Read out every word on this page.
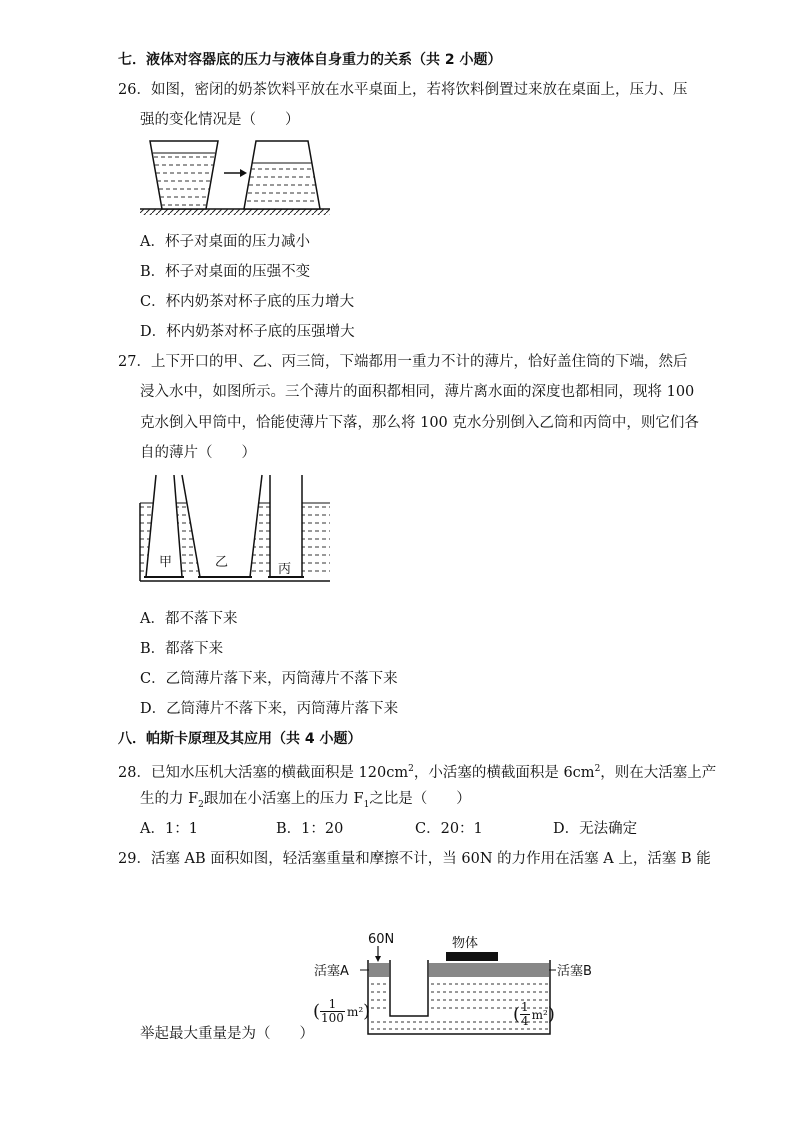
七．液体对容器底的压力与液体自身重力的关系（共 2 小题）
26．如图，密闭的奶茶饮料平放在水平桌面上，若将饮料倒置过来放在桌面上，压力、压
强的变化情况是（　　）
A．杯子对桌面的压力减小
B．杯子对桌面的压强不变
C．杯内奶茶对杯子底的压力增大
D．杯内奶茶对杯子底的压强增大
27．上下开口的甲、乙、丙三筒，下端都用一重力不计的薄片，恰好盖住筒的下端，然后
浸入水中，如图所示。三个薄片的面积都相同，薄片离水面的深度也都相同，现将 100
克水倒入甲筒中，恰能使薄片下落，那么将 100 克水分别倒入乙筒和丙筒中，则它们各
自的薄片（　　）
甲	乙	丙
A．都不落下来
B．都落下来
C．乙筒薄片落下来，丙筒薄片不落下来
D．乙筒薄片不落下来，丙筒薄片落下来
八．帕斯卡原理及其应用（共 4 小题）
28．已知水压机大活塞的横截面积是 $120cm^2$，小活塞的横截面积是 $6cm^2$，则在大活塞上产
生的力 $F_2$跟加在小活塞上的压力 $F_1$之比是（　　）
A．1：1	B．1：20	C．20：1	D．无法确定
29．活塞 AB 面积如图，轻活塞重量和摩擦不计，当 60N 的力作用在活塞 A 上，活塞 B 能
60N	物体
活塞A	活塞B
( 1
100 m² )	( 1
4 m² )
举起最大重量是为（　　）
